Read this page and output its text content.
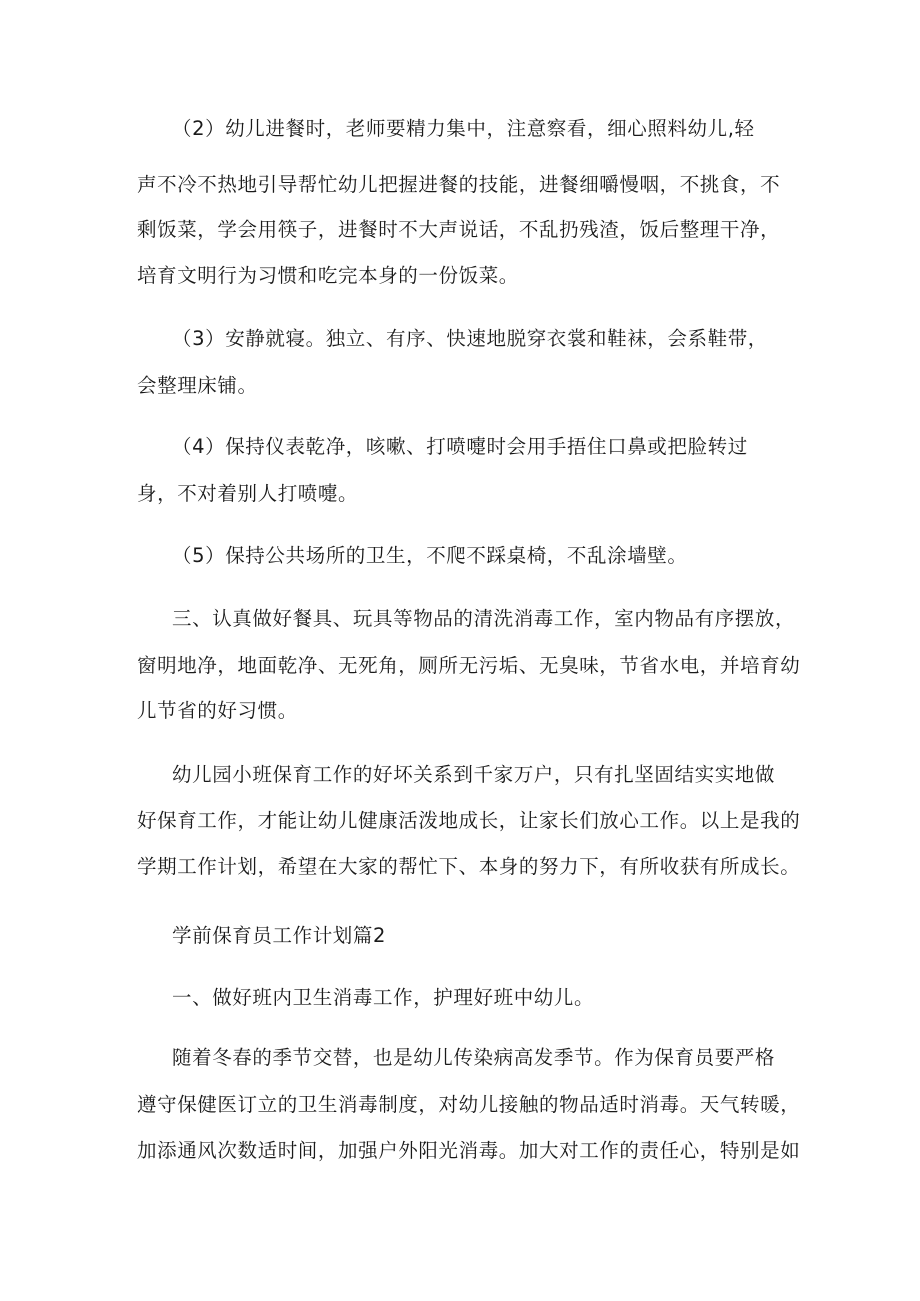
（2）幼儿进餐时，老师要精力集中，注意察看，细心照料幼儿,轻

声不冷不热地引导帮忙幼儿把握进餐的技能，进餐细嚼慢咽，不挑食，不

剩饭菜，学会用筷子，进餐时不大声说话，不乱扔残渣，饭后整理干净，

培育文明行为习惯和吃完本身的一份饭菜。

（3）安静就寝。独立、有序、快速地脱穿衣裳和鞋袜，会系鞋带，

会整理床铺。

（4）保持仪表乾净，咳嗽、打喷嚏时会用手捂住口鼻或把脸转过

身，不对着别人打喷嚏。

（5）保持公共场所的卫生，不爬不踩桌椅，不乱涂墙壁。

三、认真做好餐具、玩具等物品的清洗消毒工作，室内物品有序摆放，

窗明地净，地面乾净、无死角，厕所无污垢、无臭味，节省水电，并培育幼

儿节省的好习惯。

幼儿园小班保育工作的好坏关系到千家万户，只有扎坚固结实实地做

好保育工作，才能让幼儿健康活泼地成长，让家长们放心工作。以上是我的

学期工作计划，希望在大家的帮忙下、本身的努力下，有所收获有所成长。

学前保育员工作计划篇2

一、做好班内卫生消毒工作，护理好班中幼儿。

随着冬春的季节交替，也是幼儿传染病高发季节。作为保育员要严格

遵守保健医订立的卫生消毒制度，对幼儿接触的物品适时消毒。天气转暖，

加添通风次数适时间，加强户外阳光消毒。加大对工作的责任心，特别是如
